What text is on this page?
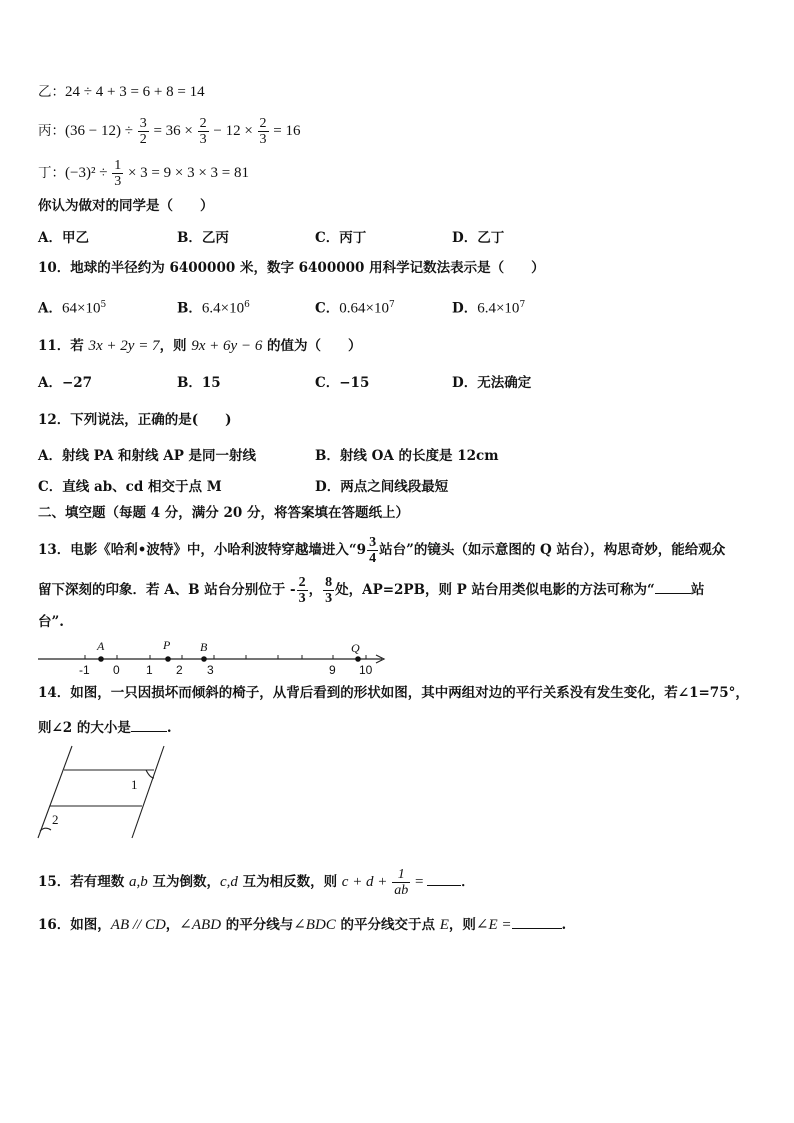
乙：24 ÷ 4 + 3 = 6 + 8 = 14
丙：$(36 - 12) \div \frac{3}{2} = 36 \times \frac{2}{3} - 12 \times \frac{2}{3} = 16$
丁：$(-3)^2 \div \frac{1}{3} \times 3 = 9 \times 3 \times 3 = 81$
你认为做对的同学是（　　）
A．甲乙	B．乙丙	C．丙丁	D．乙丁
10．地球的半径约为 6400000 米，数字 6400000 用科学记数法表示是（　　）
A．$64\times 10^5$	B．$6.4\times 10^6$	C．$0.64\times 10^7$	D．$6.4\times 10^7$
11．若 3x + 2y = 7，则 9x + 6y − 6 的值为（　　）
A．−27	B．15	C．−15	D．无法确定
12．下列说法，正确的是(　　)
A．射线 PA 和射线 AP 是同一射线	B．射线 OA 的长度是 12cm
C．直线 ab、cd 相交于点 M	D．两点之间线段最短
二、填空题（每题 4 分，满分 20 分，将答案填在答题纸上）
13．电影《哈利•波特》中，小哈利波特穿越墙进入“$9 \frac{3}{4}$ 站台”的镜头（如示意图的 Q 站台），构思奇妙，能给观众
留下深刻的印象．若 A、B 站台分别位于 - $\frac{2}{3}$ ， $\frac{8}{3}$ 处，AP=2PB，则 P 站台用类似电影的方法可称为“	站
台”.
A	P B	Q
-1 0 1 2 3	9 10
14．如图，一只因损坏而倾斜的椅子，从背后看到的形状如图，其中两组对边的平行关系没有发生变化，若∠1=75°，
则∠2 的大小是	.
1
2
15．若有理数 a,b 互为倒数，c,d 互为相反数，则 $c + d + \frac{1}{ab}$ =	．
16．如图，AB // CD，∠ABD 的平分线与∠BDC 的平分线交于点 E，则∠E =	.
